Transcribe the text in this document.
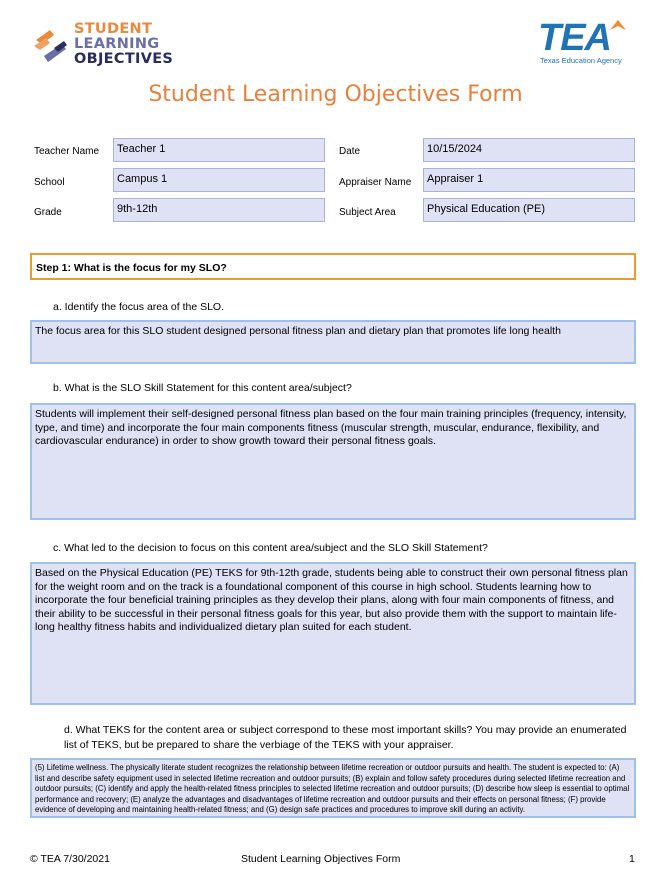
STUDENT
LEARNING
OBJECTIVES	TEA
Texas Education Agency
Student Learning Objectives Form
Teacher Name	Teacher 1	Date	10/15/2024
School	Campus 1	Appraiser Name	Appraiser 1
Grade	9th-12th	Subject Area	Physical Education (PE)
Step 1: What is the focus for my SLO?
a. Identify the focus area of the SLO.
The focus area for this SLO student designed personal fitness plan and dietary plan that promotes life long health
b. What is the SLO Skill Statement for this content area/subject?
Students will implement their self-designed personal fitness plan based on the four main training principles (frequency, intensity, type, and time) and incorporate the four main components fitness (muscular strength, muscular, endurance, flexibility, and cardiovascular endurance) in order to show growth toward their personal fitness goals.
c. What led to the decision to focus on this content area/subject and the SLO Skill Statement?
Based on the Physical Education (PE) TEKS for 9th-12th grade, students being able to construct their own personal fitness plan for the weight room and on the track is a foundational component of this course in high school. Students learning how to incorporate the four beneficial training principles as they develop their plans, along with four main components of fitness, and their ability to be successful in their personal fitness goals for this year, but also provide them with the support to maintain life-long healthy fitness habits and individualized dietary plan suited for each student.
d. What TEKS for the content area or subject correspond to these most important skills? You may provide an enumerated
list of TEKS, but be prepared to share the verbiage of the TEKS with your appraiser.
(5) Lifetime wellness. The physically literate student recognizes the relationship between lifetime recreation or outdoor pursuits and health. The student is expected to: (A) list and describe safety equipment used in selected lifetime recreation and outdoor pursuits; (B) explain and follow safety procedures during selected lifetime recreation and outdoor pursuits; (C) identify and apply the health-related fitness principles to selected lifetime recreation and outdoor pursuits; (D) describe how sleep is essential to optimal performance and recovery; (E) analyze the advantages and disadvantages of lifetime recreation and outdoor pursuits and their effects on personal fitness; (F) provide evidence of developing and maintaining health-related fitness; and (G) design safe practices and procedures to improve skill during an activity.
© TEA 7/30/2021	Student Learning Objectives Form	1
